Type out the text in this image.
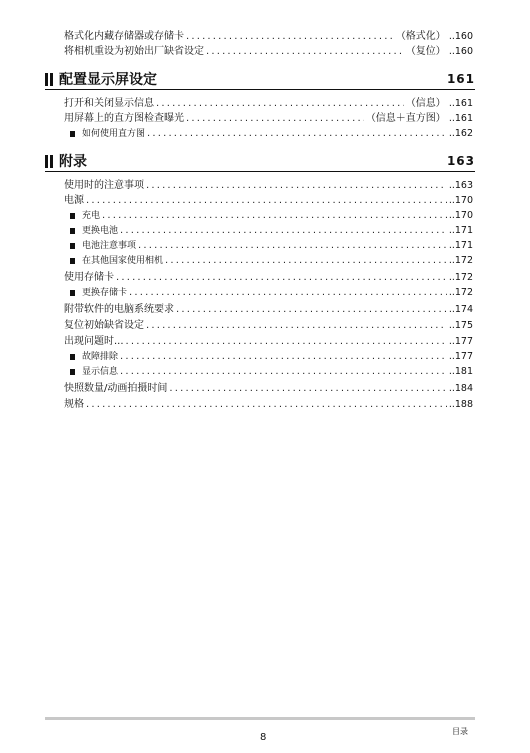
格式化内藏存储器或存储卡 . . .	（格式化） ..160
将相机重设为初始出厂缺省设定 . . .	（复位） ..160
配置显示屏设定	161
打开和关闭显示信息 . . .	（信息） ..161
用屏幕上的直方图检查曝光 . . .	（信息＋直方图） ..161
如何使用直方图 . . .	..162
附录	163
使用时的注意事项 . . .	..163
电源 . . .	..170
充电 . . .	..170
更换电池 . . .	..171
电池注意事项 . . .	..171
在其他国家使用相机 . . .	..172
使用存储卡 . . .	..172
更换存储卡 . . .	..172
附带软件的电脑系统要求 . . .	..174
复位初始缺省设定 . . .	..175
出现问题时... . . .	..177
故障排除 . . .	..177
显示信息 . . .	..181
快照数量/动画拍摄时间 . . .	..184
规格 . . .	..188
8
目录
